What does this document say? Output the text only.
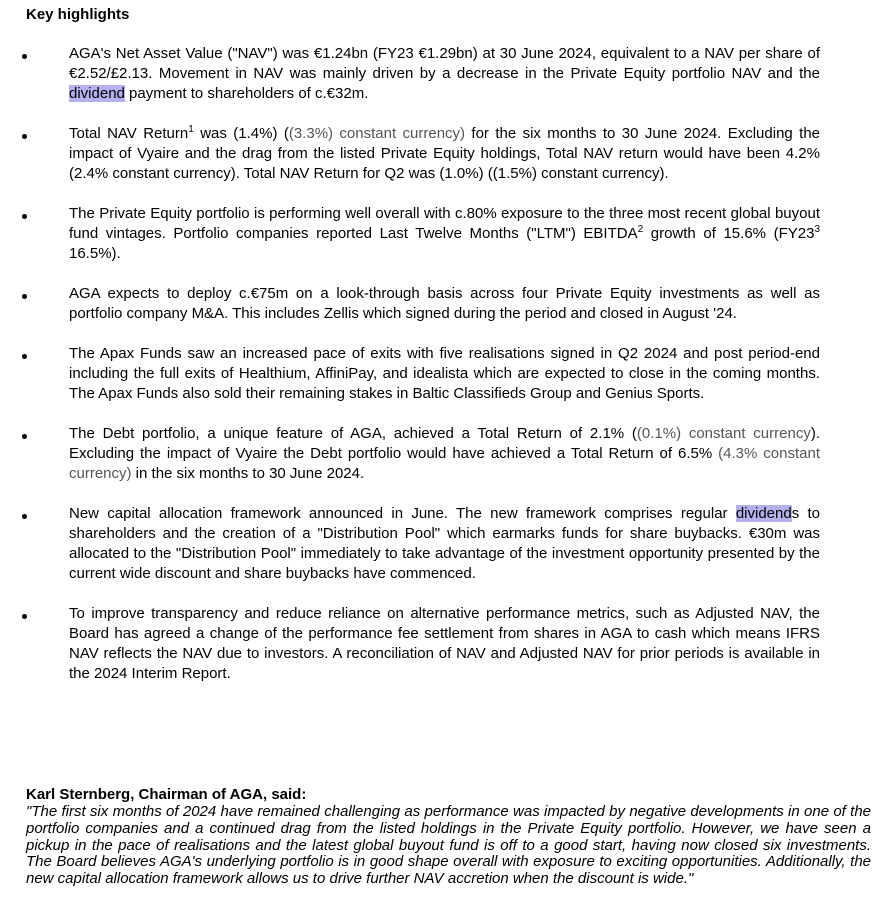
Key highlights
AGA's Net Asset Value ("NAV") was €1.24bn (FY23 €1.29bn) at 30 June 2024, equivalent to a NAV per share of €2.52/£2.13. Movement in NAV was mainly driven by a decrease in the Private Equity portfolio NAV and the dividend payment to shareholders of c.€32m.
Total NAV Return$^1$ was (1.4%) ((3.3%) constant currency) for the six months to 30 June 2024. Excluding the impact of Vyaire and the drag from the listed Private Equity holdings, Total NAV return would have been 4.2% (2.4% constant currency). Total NAV Return for Q2 was (1.0%) ((1.5%) constant currency).
The Private Equity portfolio is performing well overall with c.80% exposure to the three most recent global buyout fund vintages. Portfolio companies reported Last Twelve Months ("LTM") EBITDA$^2$ growth of 15.6% ($FY23^3$ 16.5%).
AGA expects to deploy c.€75m on a look-through basis across four Private Equity investments as well as portfolio company M&A. This includes Zellis which signed during the period and closed in August '24.
The Apax Funds saw an increased pace of exits with five realisations signed in Q2 2024 and post period-end including the full exits of Healthium, AffiniPay, and idealista which are expected to close in the coming months. The Apax Funds also sold their remaining stakes in Baltic Classifieds Group and Genius Sports.
The Debt portfolio, a unique feature of AGA, achieved a Total Return of 2.1% ((0.1%) constant currency). Excluding the impact of Vyaire the Debt portfolio would have achieved a Total Return of 6.5% (4.3% constant currency) in the six months to 30 June 2024.
New capital allocation framework announced in June. The new framework comprises regular dividends to shareholders and the creation of a "Distribution Pool" which earmarks funds for share buybacks. €30m was allocated to the "Distribution Pool" immediately to take advantage of the investment opportunity presented by the current wide discount and share buybacks have commenced.
To improve transparency and reduce reliance on alternative performance metrics, such as Adjusted NAV, the Board has agreed a change of the performance fee settlement from shares in AGA to cash which means IFRS NAV reflects the NAV due to investors. A reconciliation of NAV and Adjusted NAV for prior periods is available in the 2024 Interim Report.
Karl Sternberg, Chairman of AGA, said:
"The first six months of 2024 have remained challenging as performance was impacted by negative developments in one of the portfolio companies and a continued drag from the listed holdings in the Private Equity portfolio. However, we have seen a pickup in the pace of realisations and the latest global buyout fund is off to a good start, having now closed six investments. The Board believes AGA's underlying portfolio is in good shape overall with exposure to exciting opportunities. Additionally, the new capital allocation framework allows us to drive further NAV accretion when the discount is wide."
